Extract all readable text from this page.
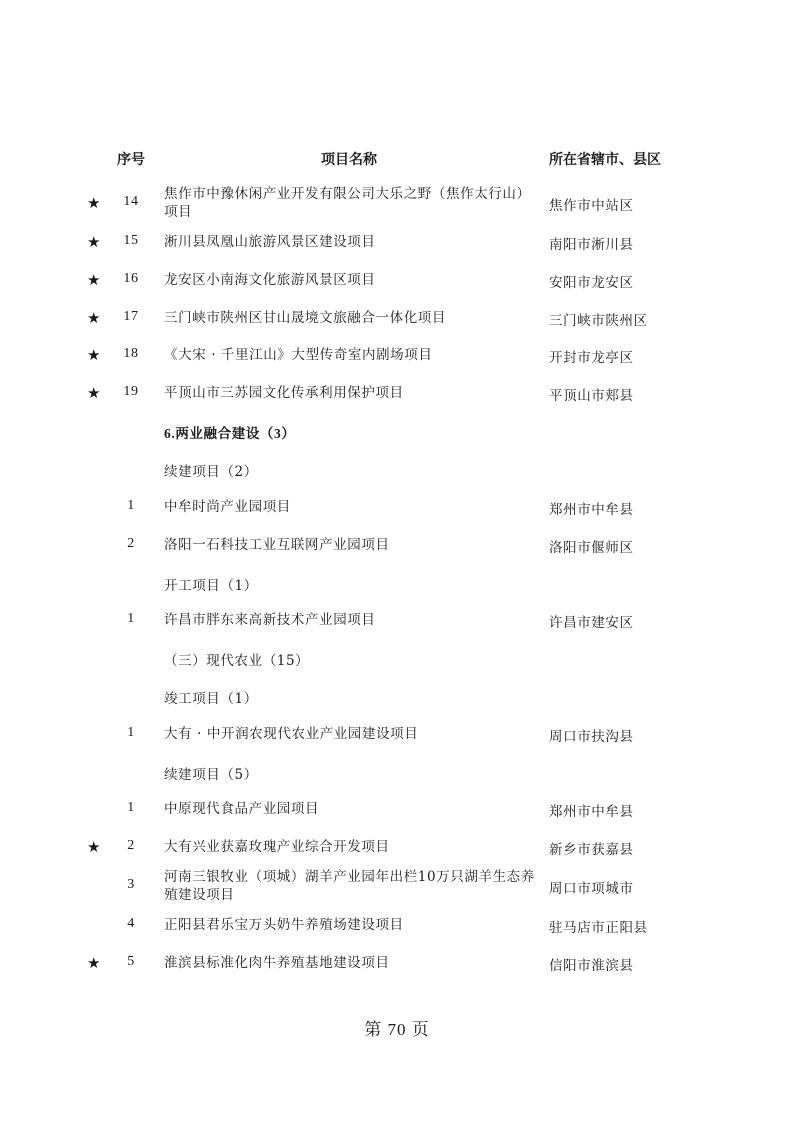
序号	项目名称	所在省辖市、县区
★	14	焦作市中豫休闲产业开发有限公司大乐之野（焦作太行山）项目	焦作市中站区
★	15	淅川县凤凰山旅游风景区建设项目	南阳市淅川县
★	16	龙安区小南海文化旅游风景区项目	安阳市龙安区
★	17	三门峡市陕州区甘山晟境文旅融合一体化项目	三门峡市陕州区
★	18	《大宋 · 千里江山》大型传奇室内剧场项目	开封市龙亭区
★	19	平顶山市三苏园文化传承利用保护项目	平顶山市郏县
6.两业融合建设（3）
续建项目（2）
1	中牟时尚产业园项目	郑州市中牟县
2	洛阳一石科技工业互联网产业园项目	洛阳市偃师区
开工项目（1）
1	许昌市胖东来高新技术产业园项目	许昌市建安区
（三）现代农业（15）
竣工项目（1）
1	大有 · 中开润农现代农业产业园建设项目	周口市扶沟县
续建项目（5）
1	中原现代食品产业园项目	郑州市中牟县
★	2	大有兴业获嘉玫瑰产业综合开发项目	新乡市获嘉县
3	河南三银牧业（项城）湖羊产业园年出栏10万只湖羊生态养殖建设项目	周口市项城市
4	正阳县君乐宝万头奶牛养殖场建设项目	驻马店市正阳县
★	5	淮滨县标准化肉牛养殖基地建设项目	信阳市淮滨县
第 70 页
